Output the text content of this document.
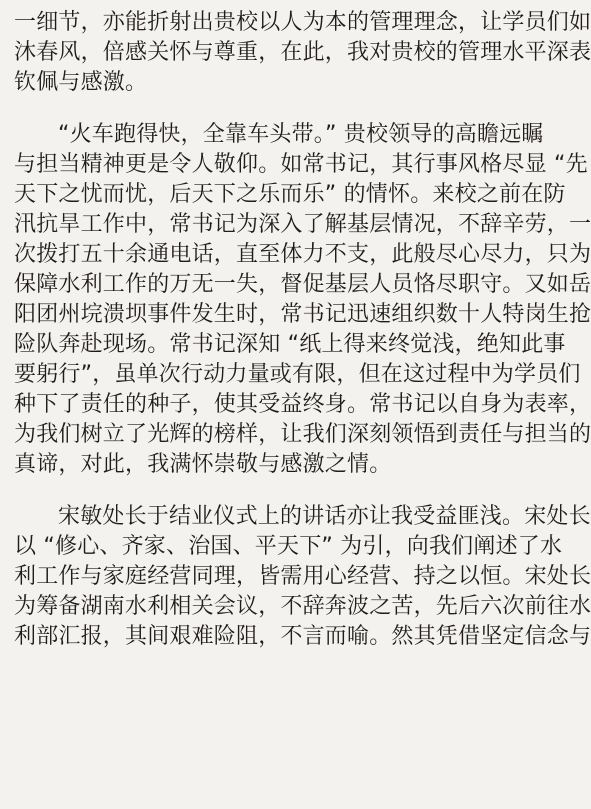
一细节，亦能折射出贵校以人为本的管理理念，让学员们如
沐春风，倍感关怀与尊重，在此，我对贵校的管理水平深表
钦佩与感激。
“火车跑得快，全靠车头带。” 贵校领导的高瞻远瞩
与担当精神更是令人敬仰。如常书记，其行事风格尽显 “先
天下之忧而忧，后天下之乐而乐” 的情怀。来校之前在防
汛抗旱工作中，常书记为深入了解基层情况，不辞辛劳，一
次拨打五十余通电话，直至体力不支，此般尽心尽力，只为
保障水利工作的万无一失，督促基层人员恪尽职守。又如岳
阳团州垸溃坝事件发生时，常书记迅速组织数十人特岗生抢
险队奔赴现场。常书记深知 “纸上得来终觉浅，绝知此事
要躬行”，虽单次行动力量或有限，但在这过程中为学员们
种下了责任的种子，使其受益终身。常书记以自身为表率，
为我们树立了光辉的榜样，让我们深刻领悟到责任与担当的
真谛，对此，我满怀崇敬与感激之情。
宋敏处长于结业仪式上的讲话亦让我受益匪浅。宋处长
以 “修心、齐家、治国、平天下” 为引，向我们阐述了水
利工作与家庭经营同理，皆需用心经营、持之以恒。宋处长
为筹备湖南水利相关会议，不辞奔波之苦，先后六次前往水
利部汇报，其间艰难险阻，不言而喻。然其凭借坚定信念与
